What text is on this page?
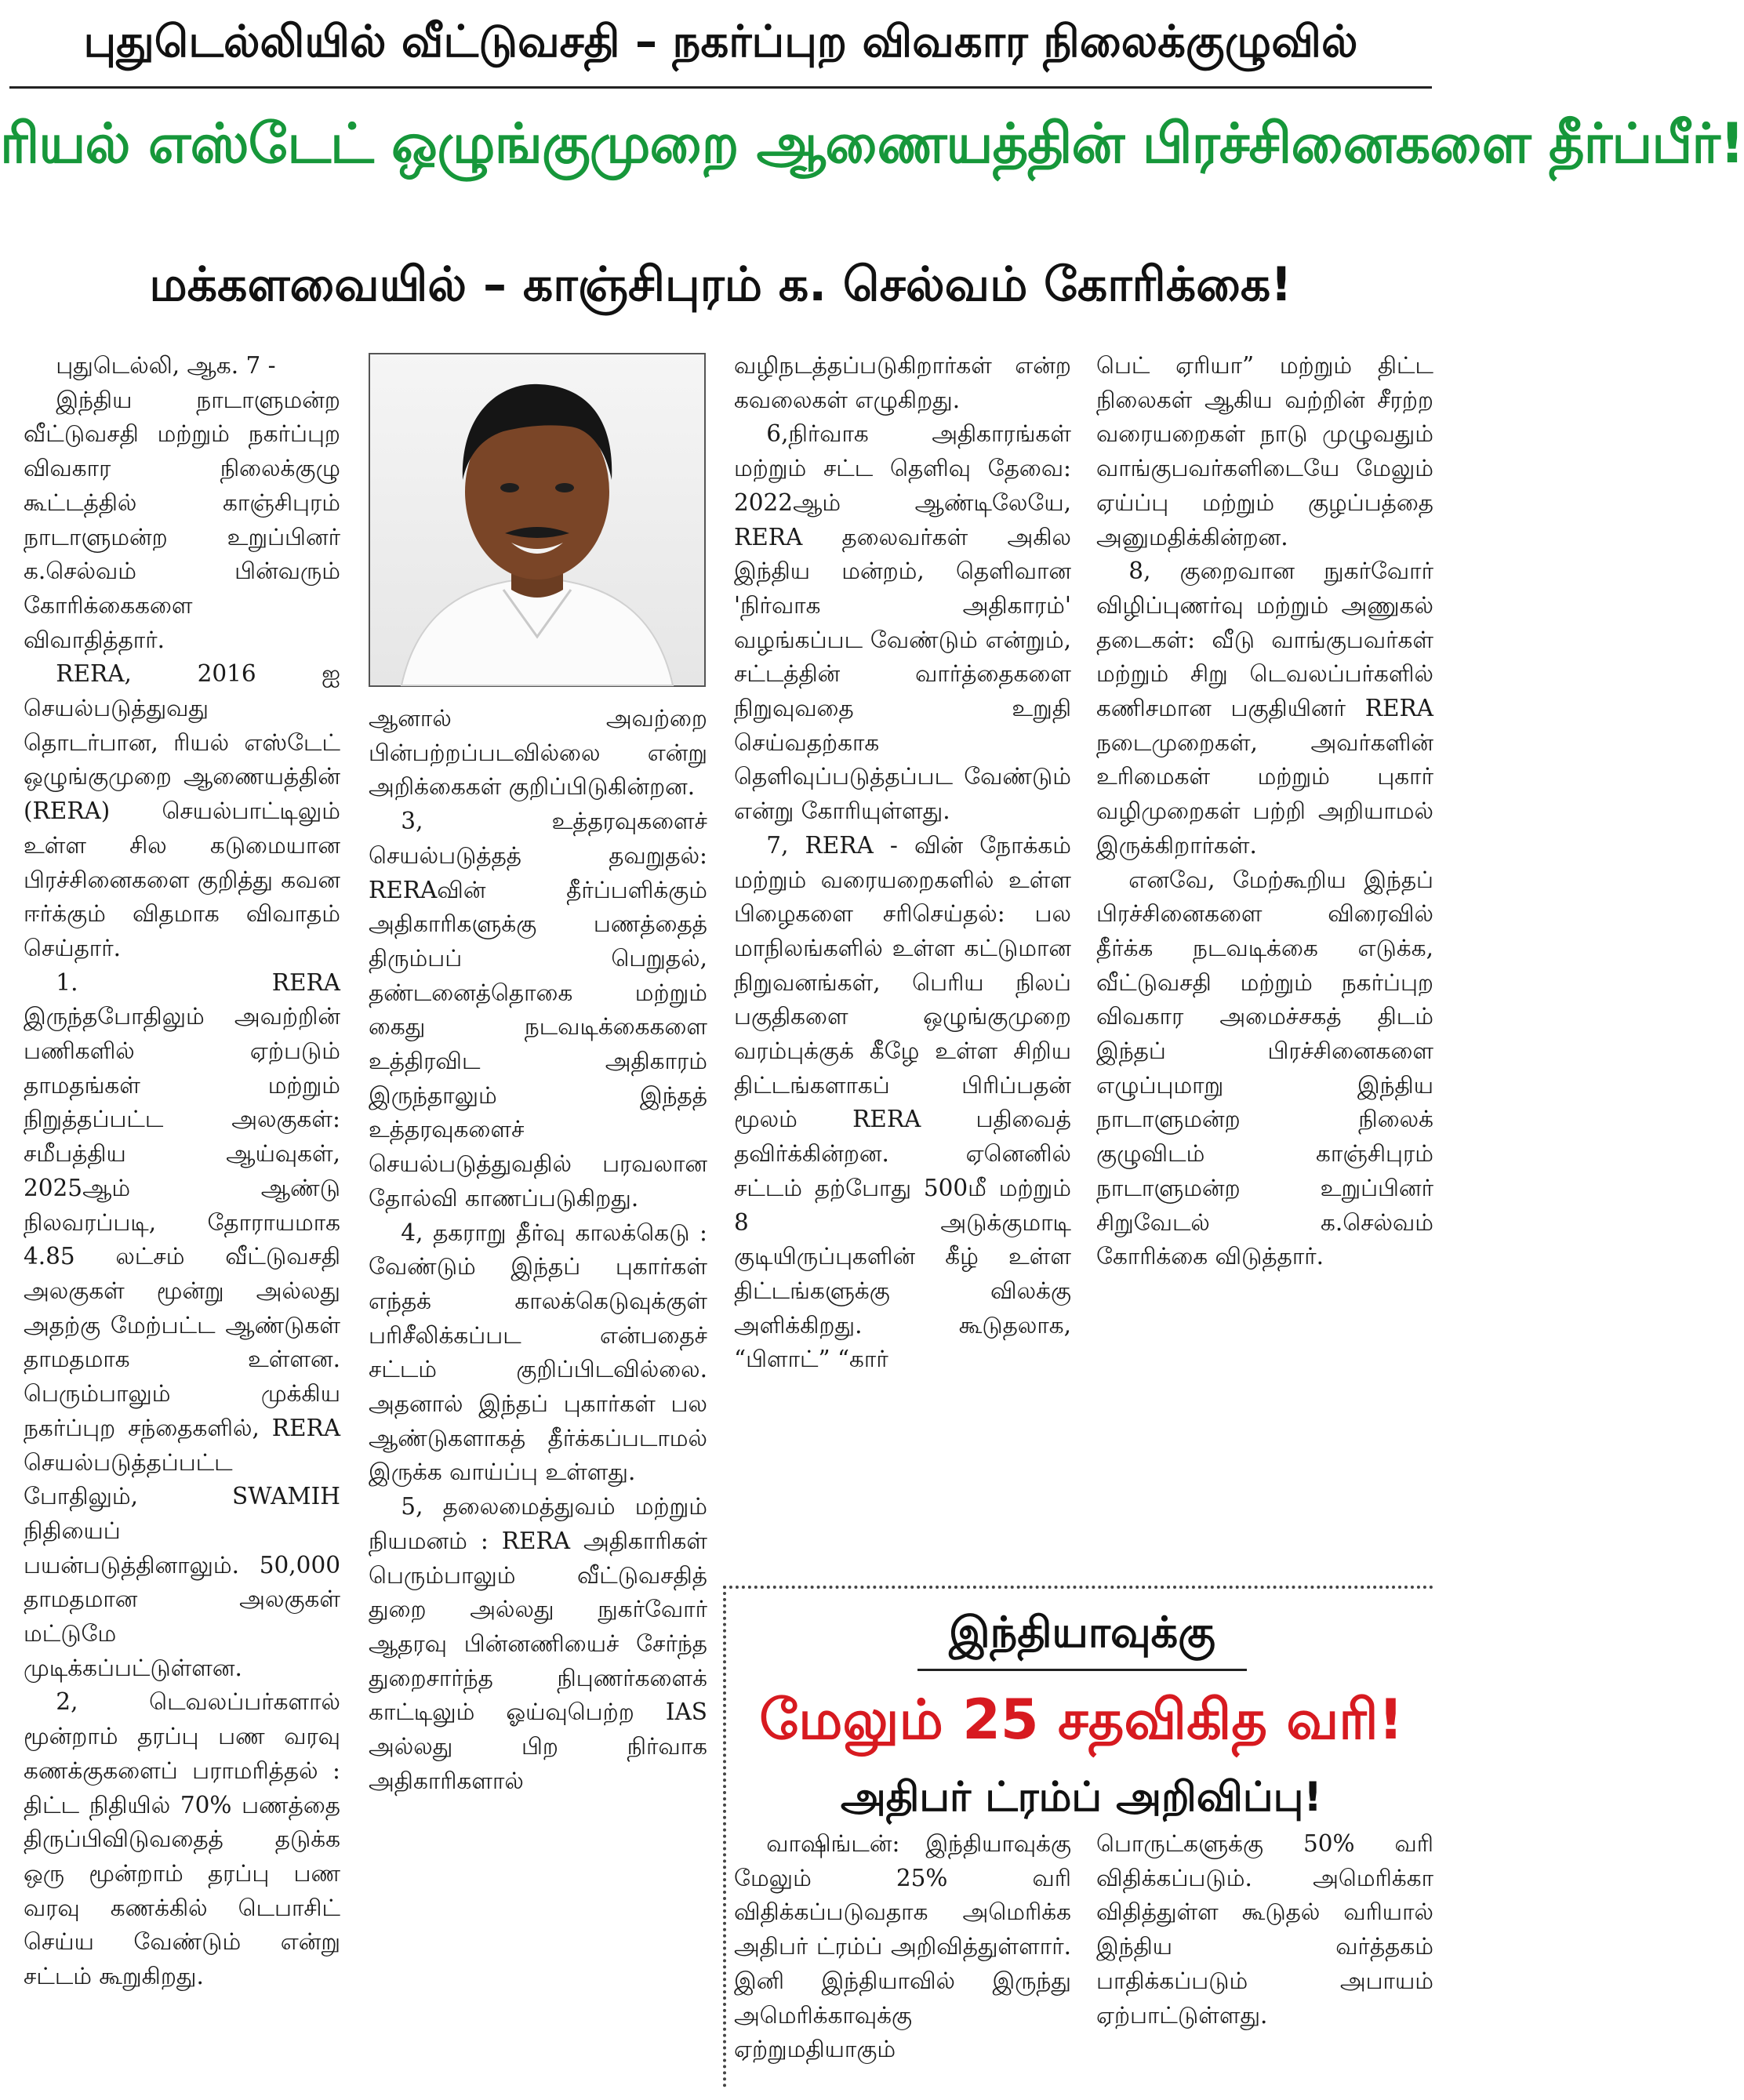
புதுடெல்லியில் வீட்டுவசதி – நகர்ப்புற விவகார நிலைக்குழுவில்
ரியல் எஸ்டேட் ஒழுங்குமுறை ஆணையத்தின் பிரச்சினைகளை தீர்ப்பீர்!
மக்களவையில் – காஞ்சிபுரம் க. செல்வம் கோரிக்கை!

புதுடெல்லி, ஆக. 7 -

இந்திய நாடாளுமன்ற வீட்டுவசதி மற்றும் நகர்ப்புற விவகார நிலைக்குழு கூட்டத்தில் காஞ்சிபுரம் நாடாளுமன்ற உறுப்பினர் க.செல்வம் பின்வரும் கோரிக்கைகளை விவாதித்தார்.

RERA, 2016 ஐ செயல்படுத்துவது தொடர்பான, ரியல் எஸ்டேட் ஒழுங்குமுறை ஆணையத்தின் (RERA) செயல்பாட்டிலும் உள்ள சில கடுமையான பிரச்சினைகளை குறித்து கவன ஈர்க்கும் விதமாக விவாதம் செய்தார்.

1. RERA இருந்தபோதிலும் அவற்றின் பணிகளில் ஏற்படும் தாமதங்கள் மற்றும் நிறுத்தப்பட்ட அலகுகள்: சமீபத்திய ஆய்வுகள், 2025ஆம் ஆண்டு நிலவரப்படி, தோராயமாக 4.85 லட்சம் வீட்டுவசதி அலகுகள் மூன்று அல்லது அதற்கு மேற்பட்ட ஆண்டுகள் தாமதமாக உள்ளன. பெரும்பாலும் முக்கிய நகர்ப்புற சந்தைகளில், RERA செயல்படுத்தப்பட்ட போதிலும், SWAMIH நிதியைப் பயன்படுத்தினாலும். 50,000 தாமதமான அலகுகள் மட்டுமே முடிக்கப்பட்டுள்ளன.

2, டெவலப்பர்களால் மூன்றாம் தரப்பு பண வரவு கணக்குகளைப் பராமரித்தல் : திட்ட நிதியில் 70% பணத்தை திருப்பிவிடுவதைத் தடுக்க ஒரு மூன்றாம் தரப்பு பண வரவு கணக்கில் டெபாசிட் செய்ய வேண்டும் என்று சட்டம் கூறுகிறது.

ஆனால் அவற்றை பின்பற்றப்படவில்லை என்று அறிக்கைகள் குறிப்பிடுகின்றன.

3, உத்தரவுகளைச் செயல்படுத்தத் தவறுதல்: RERAவின் தீர்ப்பளிக்கும் அதிகாரிகளுக்கு பணத்தைத் திரும்பப் பெறுதல், தண்டனைத்தொகை மற்றும் கைது நடவடிக்கைகளை உத்திரவிட அதிகாரம் இருந்தாலும் இந்தத் உத்தரவுகளைச் செயல்படுத்துவதில் பரவலான தோல்வி காணப்படுகிறது.

4, தகராறு தீர்வு காலக்கெடு : வேண்டும் இந்தப் புகார்கள் எந்தக் காலக்கெடுவுக்குள் பரிசீலிக்கப்பட என்பதைச் சட்டம் குறிப்பிடவில்லை. அதனால் இந்தப் புகார்கள் பல ஆண்டுகளாகத் தீர்க்கப்படாமல் இருக்க வாய்ப்பு உள்ளது.

5, தலைமைத்துவம் மற்றும் நியமனம் : RERA அதிகாரிகள் பெரும்பாலும் வீட்டுவசதித் துறை அல்லது நுகர்வோர் ஆதரவு பின்னணியைச் சேர்ந்த துறைசார்ந்த நிபுணர்களைக் காட்டிலும் ஓய்வுபெற்ற IAS அல்லது பிற நிர்வாக அதிகாரிகளால்

வழிநடத்தப்படுகிறார்கள் என்ற கவலைகள் எழுகிறது.

6,நிர்வாக அதிகாரங்கள் மற்றும் சட்ட தெளிவு தேவை: 2022ஆம் ஆண்டிலேயே, RERA தலைவர்கள் அகில இந்திய மன்றம், தெளிவான 'நிர்வாக அதிகாரம்' வழங்கப்பட வேண்டும் என்றும், சட்டத்தின் வார்த்தைகளை நிறுவுவதை உறுதி செய்வதற்காக தெளிவுப்படுத்தப்பட வேண்டும் என்று கோரியுள்ளது.

7, RERA - வின் நோக்கம் மற்றும் வரையறைகளில் உள்ள பிழைகளை சரிசெய்தல்: பல மாநிலங்களில் உள்ள கட்டுமான நிறுவனங்கள், பெரிய நிலப் பகுதிகளை ஒழுங்குமுறை வரம்புக்குக் கீழே உள்ள சிறிய திட்டங்களாகப் பிரிப்பதன் மூலம் RERA பதிவைத் தவிர்க்கின்றன. ஏனெனில் சட்டம் தற்போது 500மீ மற்றும் 8 அடுக்குமாடி குடியிருப்புகளின் கீழ் உள்ள திட்டங்களுக்கு விலக்கு அளிக்கிறது. கூடுதலாக, “பிளாட்” “கார்

பெட் ஏரியா” மற்றும் திட்ட நிலைகள் ஆகிய வற்றின் சீரற்ற வரையறைகள் நாடு முழுவதும் வாங்குபவர்களிடையே மேலும் ஏய்ப்பு மற்றும் குழப்பத்தை அனுமதிக்கின்றன.

8, குறைவான நுகர்வோர் விழிப்புணர்வு மற்றும் அணுகல் தடைகள்: வீடு வாங்குபவர்கள் மற்றும் சிறு டெவலப்பர்களில் கணிசமான பகுதியினர் RERA நடைமுறைகள், அவர்களின் உரிமைகள் மற்றும் புகார் வழிமுறைகள் பற்றி அறியாமல் இருக்கிறார்கள்.

எனவே, மேற்கூறிய இந்தப் பிரச்சினைகளை விரைவில் தீர்க்க நடவடிக்கை எடுக்க, வீட்டுவசதி மற்றும் நகர்ப்புற விவகார அமைச்சகத் திடம் இந்தப் பிரச்சினைகளை எழுப்புமாறு இந்திய நாடாளுமன்ற நிலைக் குழுவிடம் காஞ்சிபுரம் நாடாளுமன்ற உறுப்பினர் சிறுவேடல் க.செல்வம் கோரிக்கை விடுத்தார்.

இந்தியாவுக்கு
மேலும் 25 சதவிகித வரி!
அதிபர் ட்ரம்ப் அறிவிப்பு!

வாஷிங்டன்: இந்தியாவுக்கு மேலும் 25% வரி விதிக்கப்படுவதாக அமெரிக்க அதிபர் ட்ரம்ப் அறிவித்துள்ளார். இனி இந்தியாவில் இருந்து அமெரிக்காவுக்கு ஏற்றுமதியாகும்

பொருட்களுக்கு 50% வரி விதிக்கப்படும். அமெரிக்கா விதித்துள்ள கூடுதல் வரியால் இந்திய வர்த்தகம் பாதிக்கப்படும் அபாயம் ஏற்பாட்டுள்ளது.
